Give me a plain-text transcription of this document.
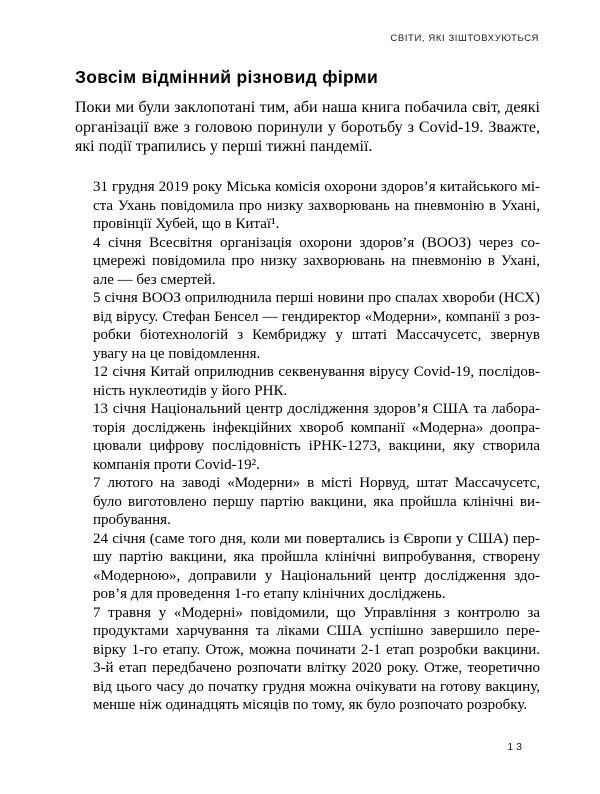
СВІТИ, ЯКІ ЗІШТОВХУЮТЬСЯ
Зовсім відмінний різновид фірми

Поки ми були заклопотані тим, аби наша книга побачила світ, деякі організації вже з головою поринули у боротьбу з Covid-19. Зважте, які події трапились у перші тижні пандемії.

31 грудня 2019 року Міська комісія охорони здоров’я китайського міста Ухань повідомила про низку захворювань на пневмонію в Ухані, провінції Хубей, що в Китаї¹.

4 січня Всесвітня організація охорони здоров’я (ВООЗ) через соцмережі повідомила про низку захворювань на пневмонію в Ухані, але — без смертей.

5 січня ВООЗ оприлюднила перші новини про спалах хвороби (НСХ) від вірусу. Стефан Бенсел — гендиректор «Модерни», компанії з розробки біотехнологій з Кембриджу у штаті Массачусетс, звернув увагу на це повідомлення.

12 січня Китай оприлюднив секвенування вірусу Covid-19, послідовність нуклеотидів у його РНК.

13 січня Національний центр дослідження здоров’я США та лабораторія досліджень інфекційних хвороб компанії «Модерна» доопрацювали цифрову послідовність іРНК-1273, вакцини, яку створила компанія проти Covid-19².

7 лютого на заводі «Модерни» в місті Норвуд, штат Массачусетс, було виготовлено першу партію вакцини, яка пройшла клінічні випробування.

24 січня (саме того дня, коли ми повертались із Європи у США) першу партію вакцини, яка пройшла клінічні випробування, створену «Модерною», доправили у Національний центр дослідження здоров’я для проведення 1-го етапу клінічних досліджень.

7 травня у «Модерні» повідомили, що Управління з контролю за продуктами харчування та ліками США успішно завершило перевірку 1-го етапу. Отож, можна починати 2-1 етап розробки вакцини. 3-й етап передбачено розпочати влітку 2020 року. Отже, теоретично від цього часу до початку грудня можна очікувати на готову вакцину, менше ніж одинадцять місяців по тому, як було розпочато розробку.

13
